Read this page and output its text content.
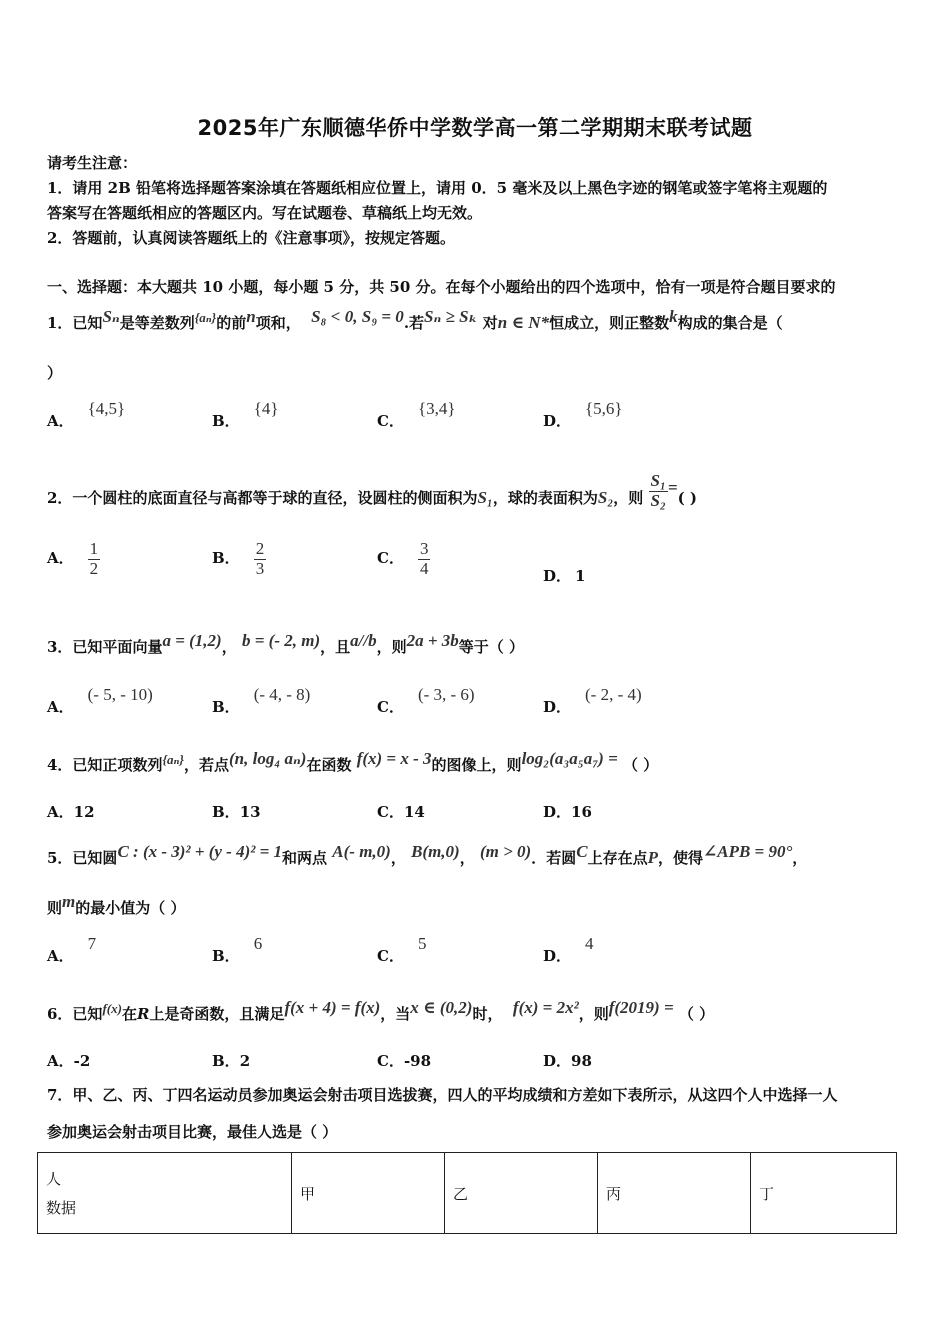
2025年广东顺德华侨中学数学高一第二学期期末联考试题
请考生注意：
1．请用 2B 铅笔将选择题答案涂填在答题纸相应位置上，请用 0．5 毫米及以上黑色字迹的钢笔或签字笔将主观题的
答案写在答题纸相应的答题区内。写在试题卷、草稿纸上均无效。
2．答题前，认真阅读答题纸上的《注意事项》，按规定答题。
一、选择题：本大题共 10 小题，每小题 5 分，共 50 分。在每个小题给出的四个选项中，恰有一项是符合题目要求的
1．已知Sₙ是等差数列{aₙ}的前n项和， S₈ < 0, S₉ = 0.若Sₙ ≥ Sₖ 对n ∈ N*恒成立，则正整数k构成的集合是（
）
A．{4,5}
B．{4}
C．{3,4}
D．{5,6}
2．一个圆柱的底面直径与高都等于球的直径，设圆柱的侧面积为S₁，球的表面积为S₂，则 $\frac{\text{S₁}}{\text{S₂}}$ =( )
A． $\frac{1}{2}$	B． $\frac{2}{3}$	C． $\frac{3}{4}$	D． 1
3．已知平面向量a = (1,2)， b = (- 2, m)，且a//b，则2a + 3b等于（ ）
A．(- 5, - 10)
B．(- 4, - 8)
C．(- 3, - 6)
D．(- 2, - 4)
4．已知正项数列{aₙ}，若点(n, log₄ aₙ)在函数 f(x) = x - 3的图像上，则log₂(a₃a₅a₇) = （ ）
A．12	B．13	C．14	D．16
5．已知圆C : (x - 3)² + (y - 4)² = 1和两点 A(- m,0)， B(m,0)， (m > 0)．若圆C上存在点P，使得∠APB = 90°，
则m的最小值为（ ）
A．7
B．6
C．5
D．4
6．已知f(x)在R上是奇函数，且满足f(x + 4) = f(x)，当x ∈ (0,2)时， f(x) = 2x²，则f(2019) = （ ）
A．-2	B．2	C．-98	D．98
7．甲、乙、丙、丁四名运动员参加奥运会射击项目选拔赛，四人的平均成绩和方差如下表所示，从这四个人中选择一人
参加奥运会射击项目比赛，最佳人选是（ ）
人
数据
	甲	乙	丙	丁
